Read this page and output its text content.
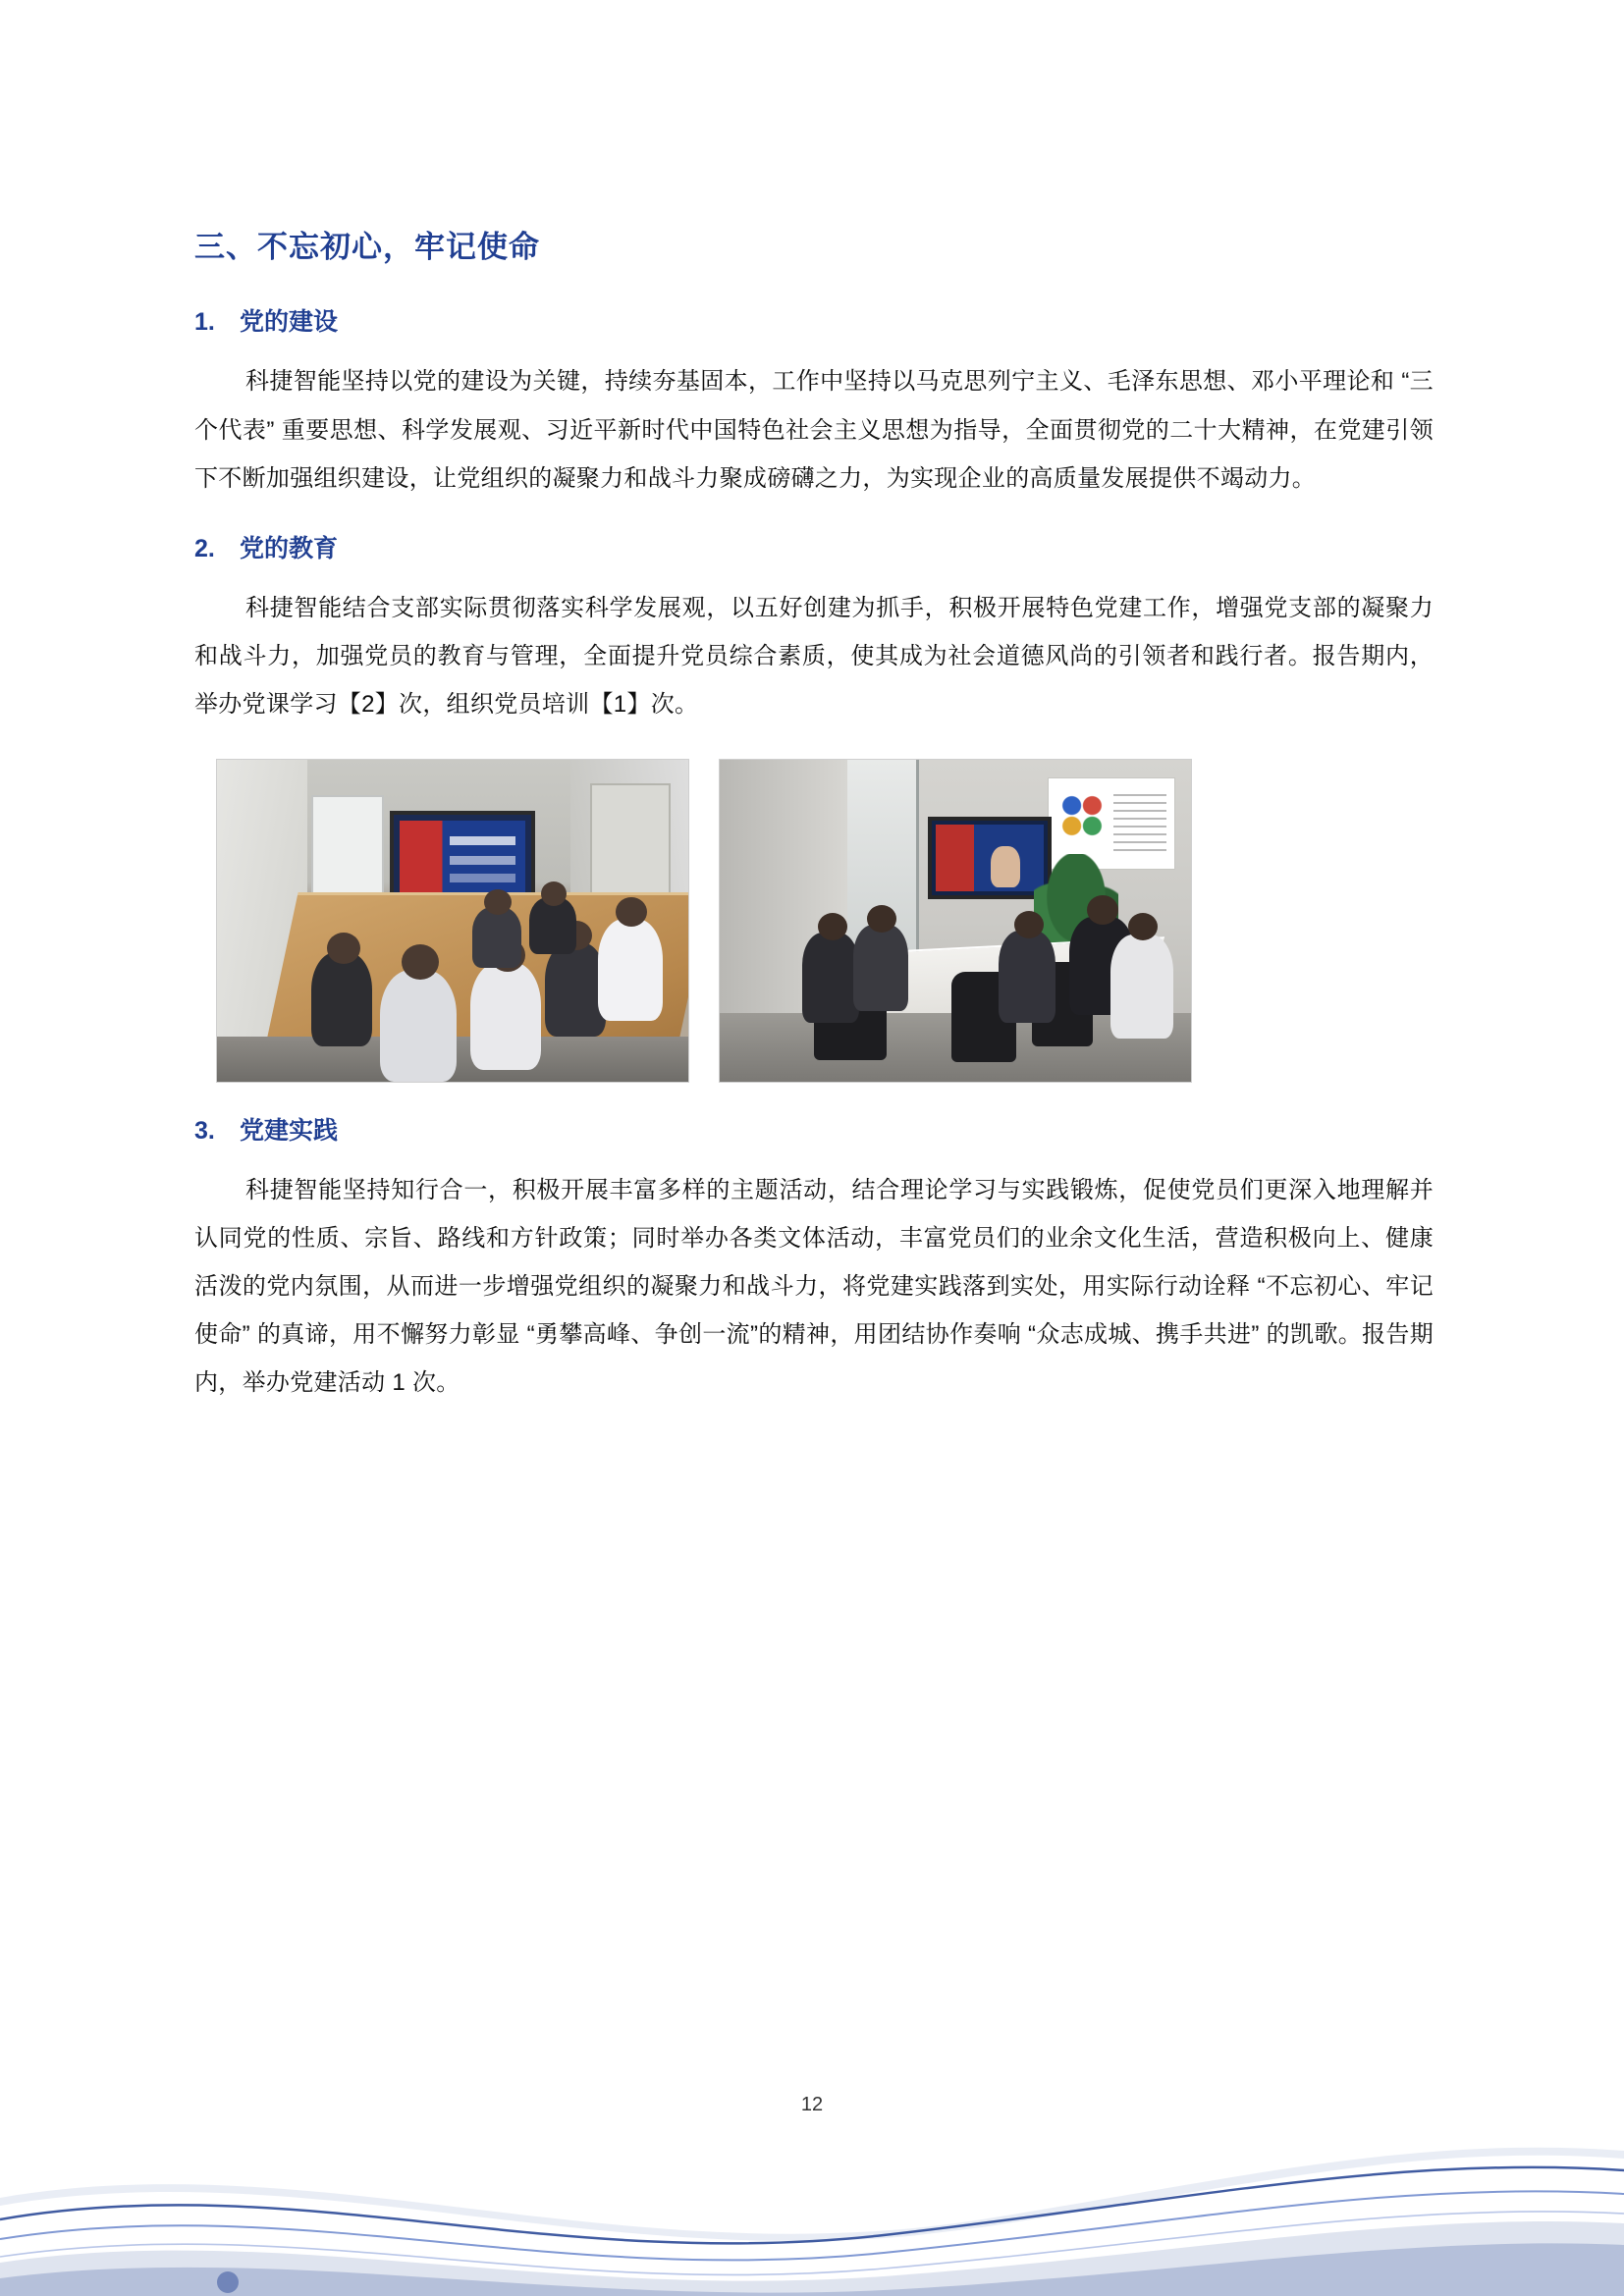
三、不忘初心，牢记使命
1.	党的建设

科捷智能坚持以党的建设为关键，持续夯基固本，工作中坚持以马克思列宁主义、毛泽东思想、邓小平理论和 “三个代表” 重要思想、科学发展观、习近平新时代中国特色社会主义思想为指导，全面贯彻党的二十大精神，在党建引领下不断加强组织建设，让党组织的凝聚力和战斗力聚成磅礴之力，为实现企业的高质量发展提供不竭动力。

2.	党的教育

科捷智能结合支部实际贯彻落实科学发展观，以五好创建为抓手，积极开展特色党建工作，增强党支部的凝聚力和战斗力，加强党员的教育与管理，全面提升党员综合素质，使其成为社会道德风尚的引领者和践行者。报告期内，举办党课学习【2】次，组织党员培训【1】次。

3.	党建实践

科捷智能坚持知行合一，积极开展丰富多样的主题活动，结合理论学习与实践锻炼，促使党员们更深入地理解并认同党的性质、宗旨、路线和方针政策；同时举办各类文体活动，丰富党员们的业余文化生活，营造积极向上、健康活泼的党内氛围，从而进一步增强党组织的凝聚力和战斗力，将党建实践落到实处，用实际行动诠释 “不忘初心、牢记使命” 的真谛，用不懈努力彰显 “勇攀高峰、争创一流”的精神，用团结协作奏响 “众志成城、携手共进” 的凯歌。报告期内，举办党建活动 1 次。

12
